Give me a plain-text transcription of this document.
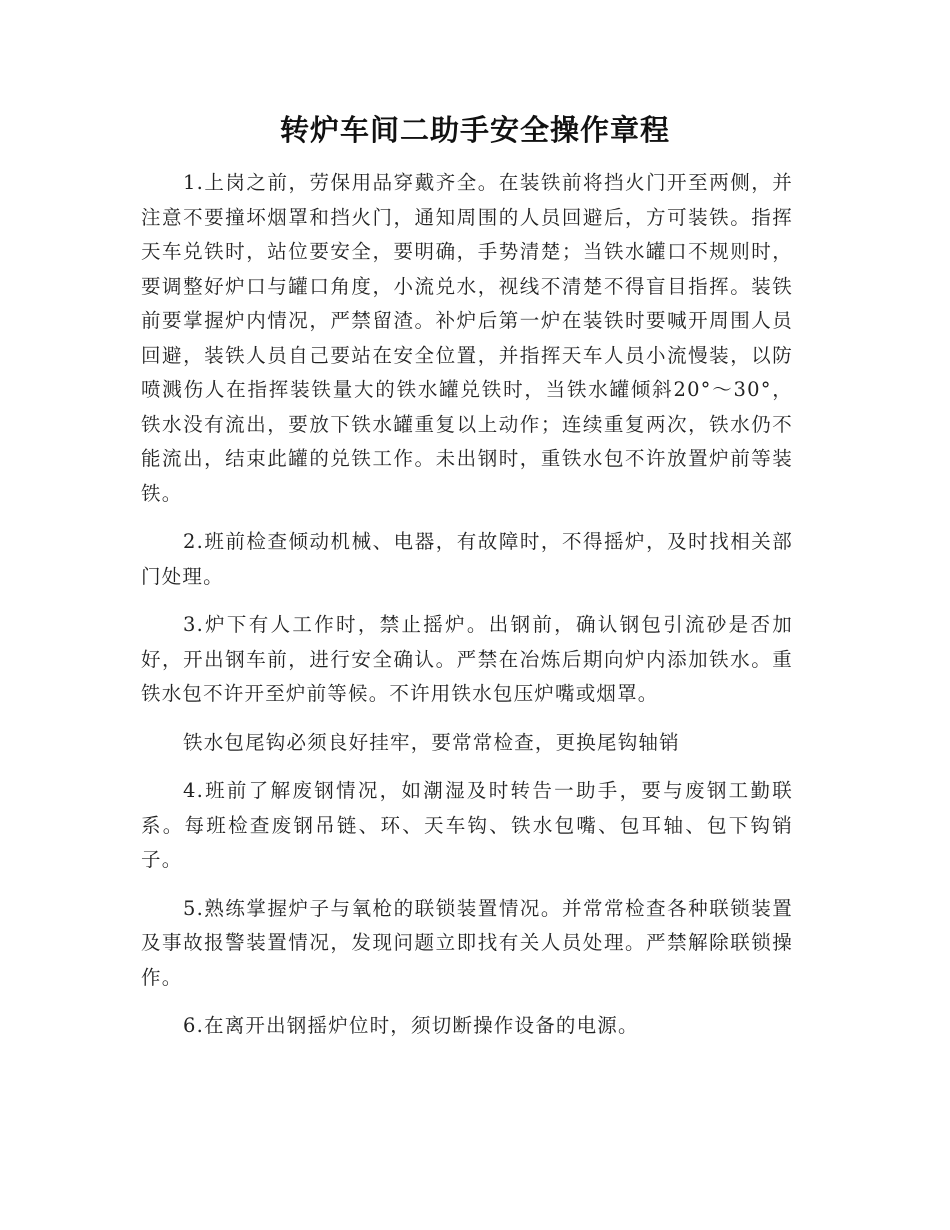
转炉车间二助手安全操作章程

1.上岗之前，劳保用品穿戴齐全。在装铁前将挡火门开至两侧，并注意不要撞坏烟罩和挡火门，通知周围的人员回避后，方可装铁。指挥天车兑铁时，站位要安全，要明确，手势清楚；当铁水罐口不规则时，要调整好炉口与罐口角度，小流兑水，视线不清楚不得盲目指挥。装铁前要掌握炉内情况，严禁留渣。补炉后第一炉在装铁时要喊开周围人员回避，装铁人员自己要站在安全位置，并指挥天车人员小流慢装，以防喷溅伤人在指挥装铁量大的铁水罐兑铁时，当铁水罐倾斜20°～30°，铁水没有流出，要放下铁水罐重复以上动作；连续重复两次，铁水仍不能流出，结束此罐的兑铁工作。未出钢时，重铁水包不许放置炉前等装铁。

2.班前检查倾动机械、电器，有故障时，不得摇炉，及时找相关部门处理。

3.炉下有人工作时，禁止摇炉。出钢前，确认钢包引流砂是否加好，开出钢车前，进行安全确认。严禁在冶炼后期向炉内添加铁水。重铁水包不许开至炉前等候。不许用铁水包压炉嘴或烟罩。

铁水包尾钩必须良好挂牢，要常常检查，更换尾钩轴销

4.班前了解废钢情况，如潮湿及时转告一助手，要与废钢工勤联系。每班检查废钢吊链、环、天车钩、铁水包嘴、包耳轴、包下钩销子。

5.熟练掌握炉子与氧枪的联锁装置情况。并常常检查各种联锁装置及事故报警装置情况，发现问题立即找有关人员处理。严禁解除联锁操作。

6.在离开出钢摇炉位时，须切断操作设备的电源。
